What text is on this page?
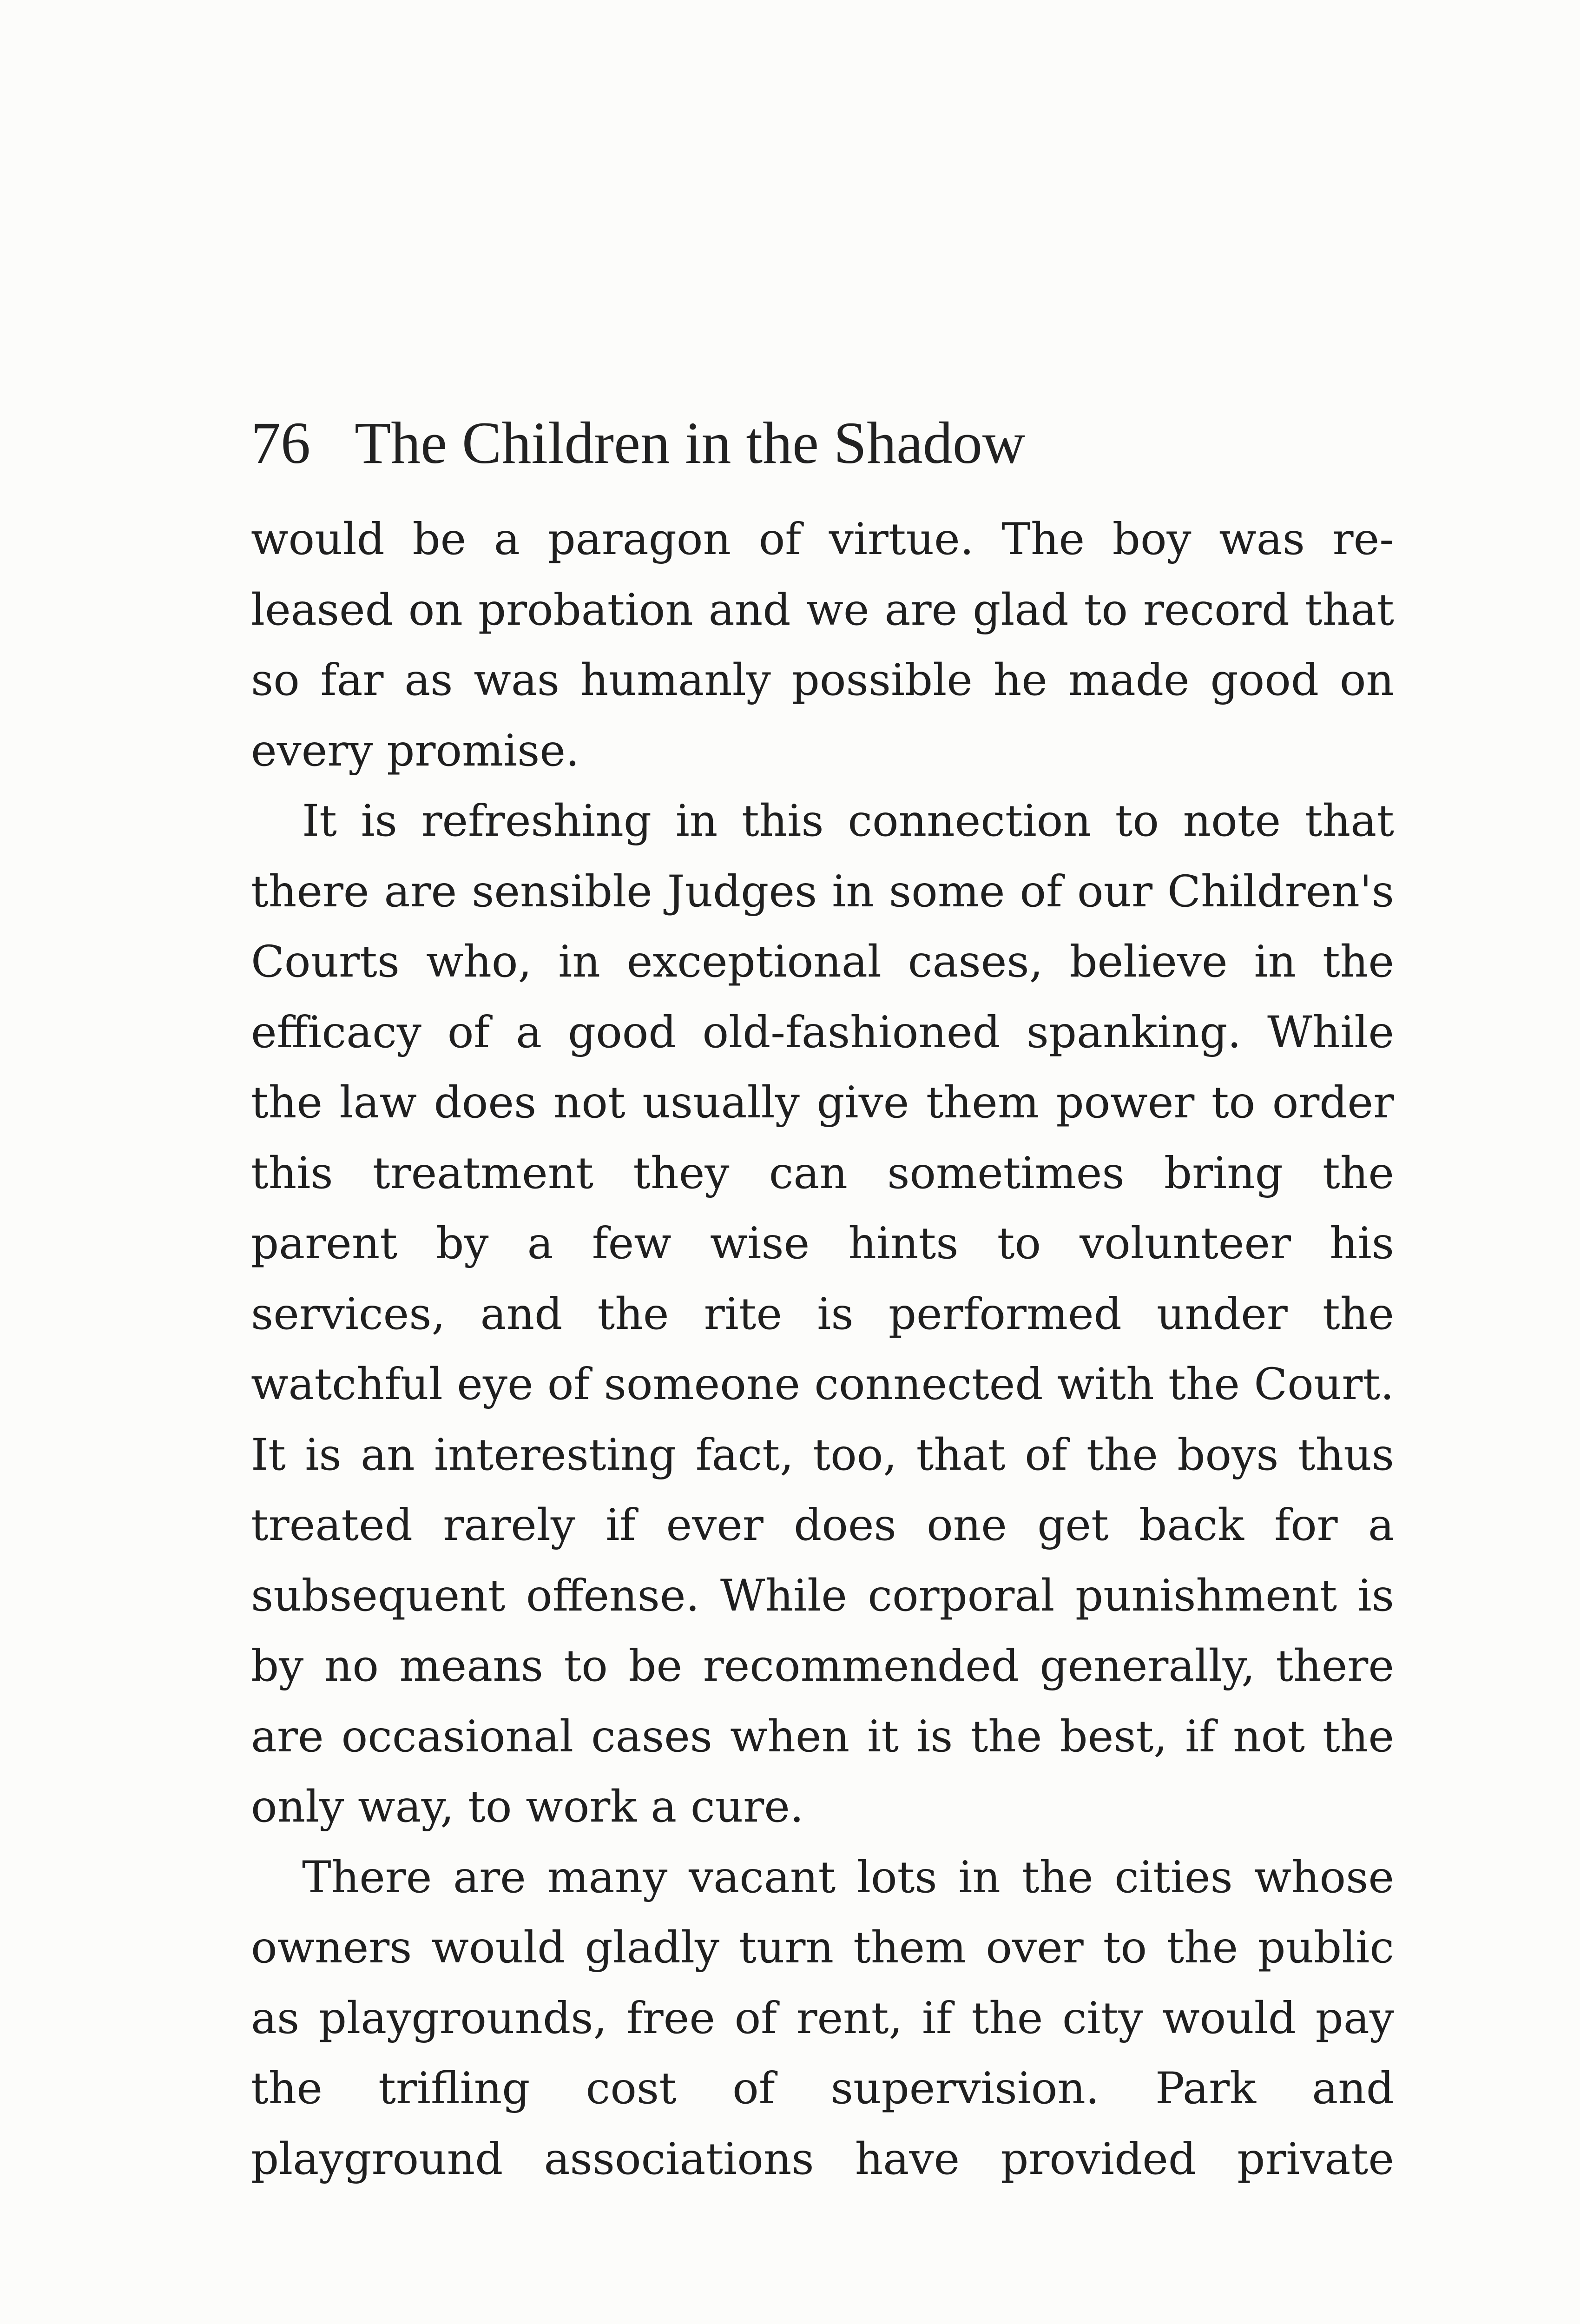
76 The Children in the Shadow

would be a paragon of virtue. The boy was released on probation and we are glad to record that so far as was humanly possible he made good on every promise.

It is refreshing in this connection to note that there are sensible Judges in some of our Children's Courts who, in exceptional cases, believe in the efficacy of a good old-fashioned spanking. While the law does not usually give them power to order this treatment they can sometimes bring the parent by a few wise hints to volunteer his services, and the rite is performed under the watchful eye of someone connected with the Court. It is an interesting fact, too, that of the boys thus treated rarely if ever does one get back for a subsequent offense. While corporal punishment is by no means to be recommended generally, there are occasional cases when it is the best, if not the only way, to work a cure.

There are many vacant lots in the cities whose owners would gladly turn them over to the public as playgrounds, free of rent, if the city would pay the trifling cost of supervision. Park and playground associations have provided private
